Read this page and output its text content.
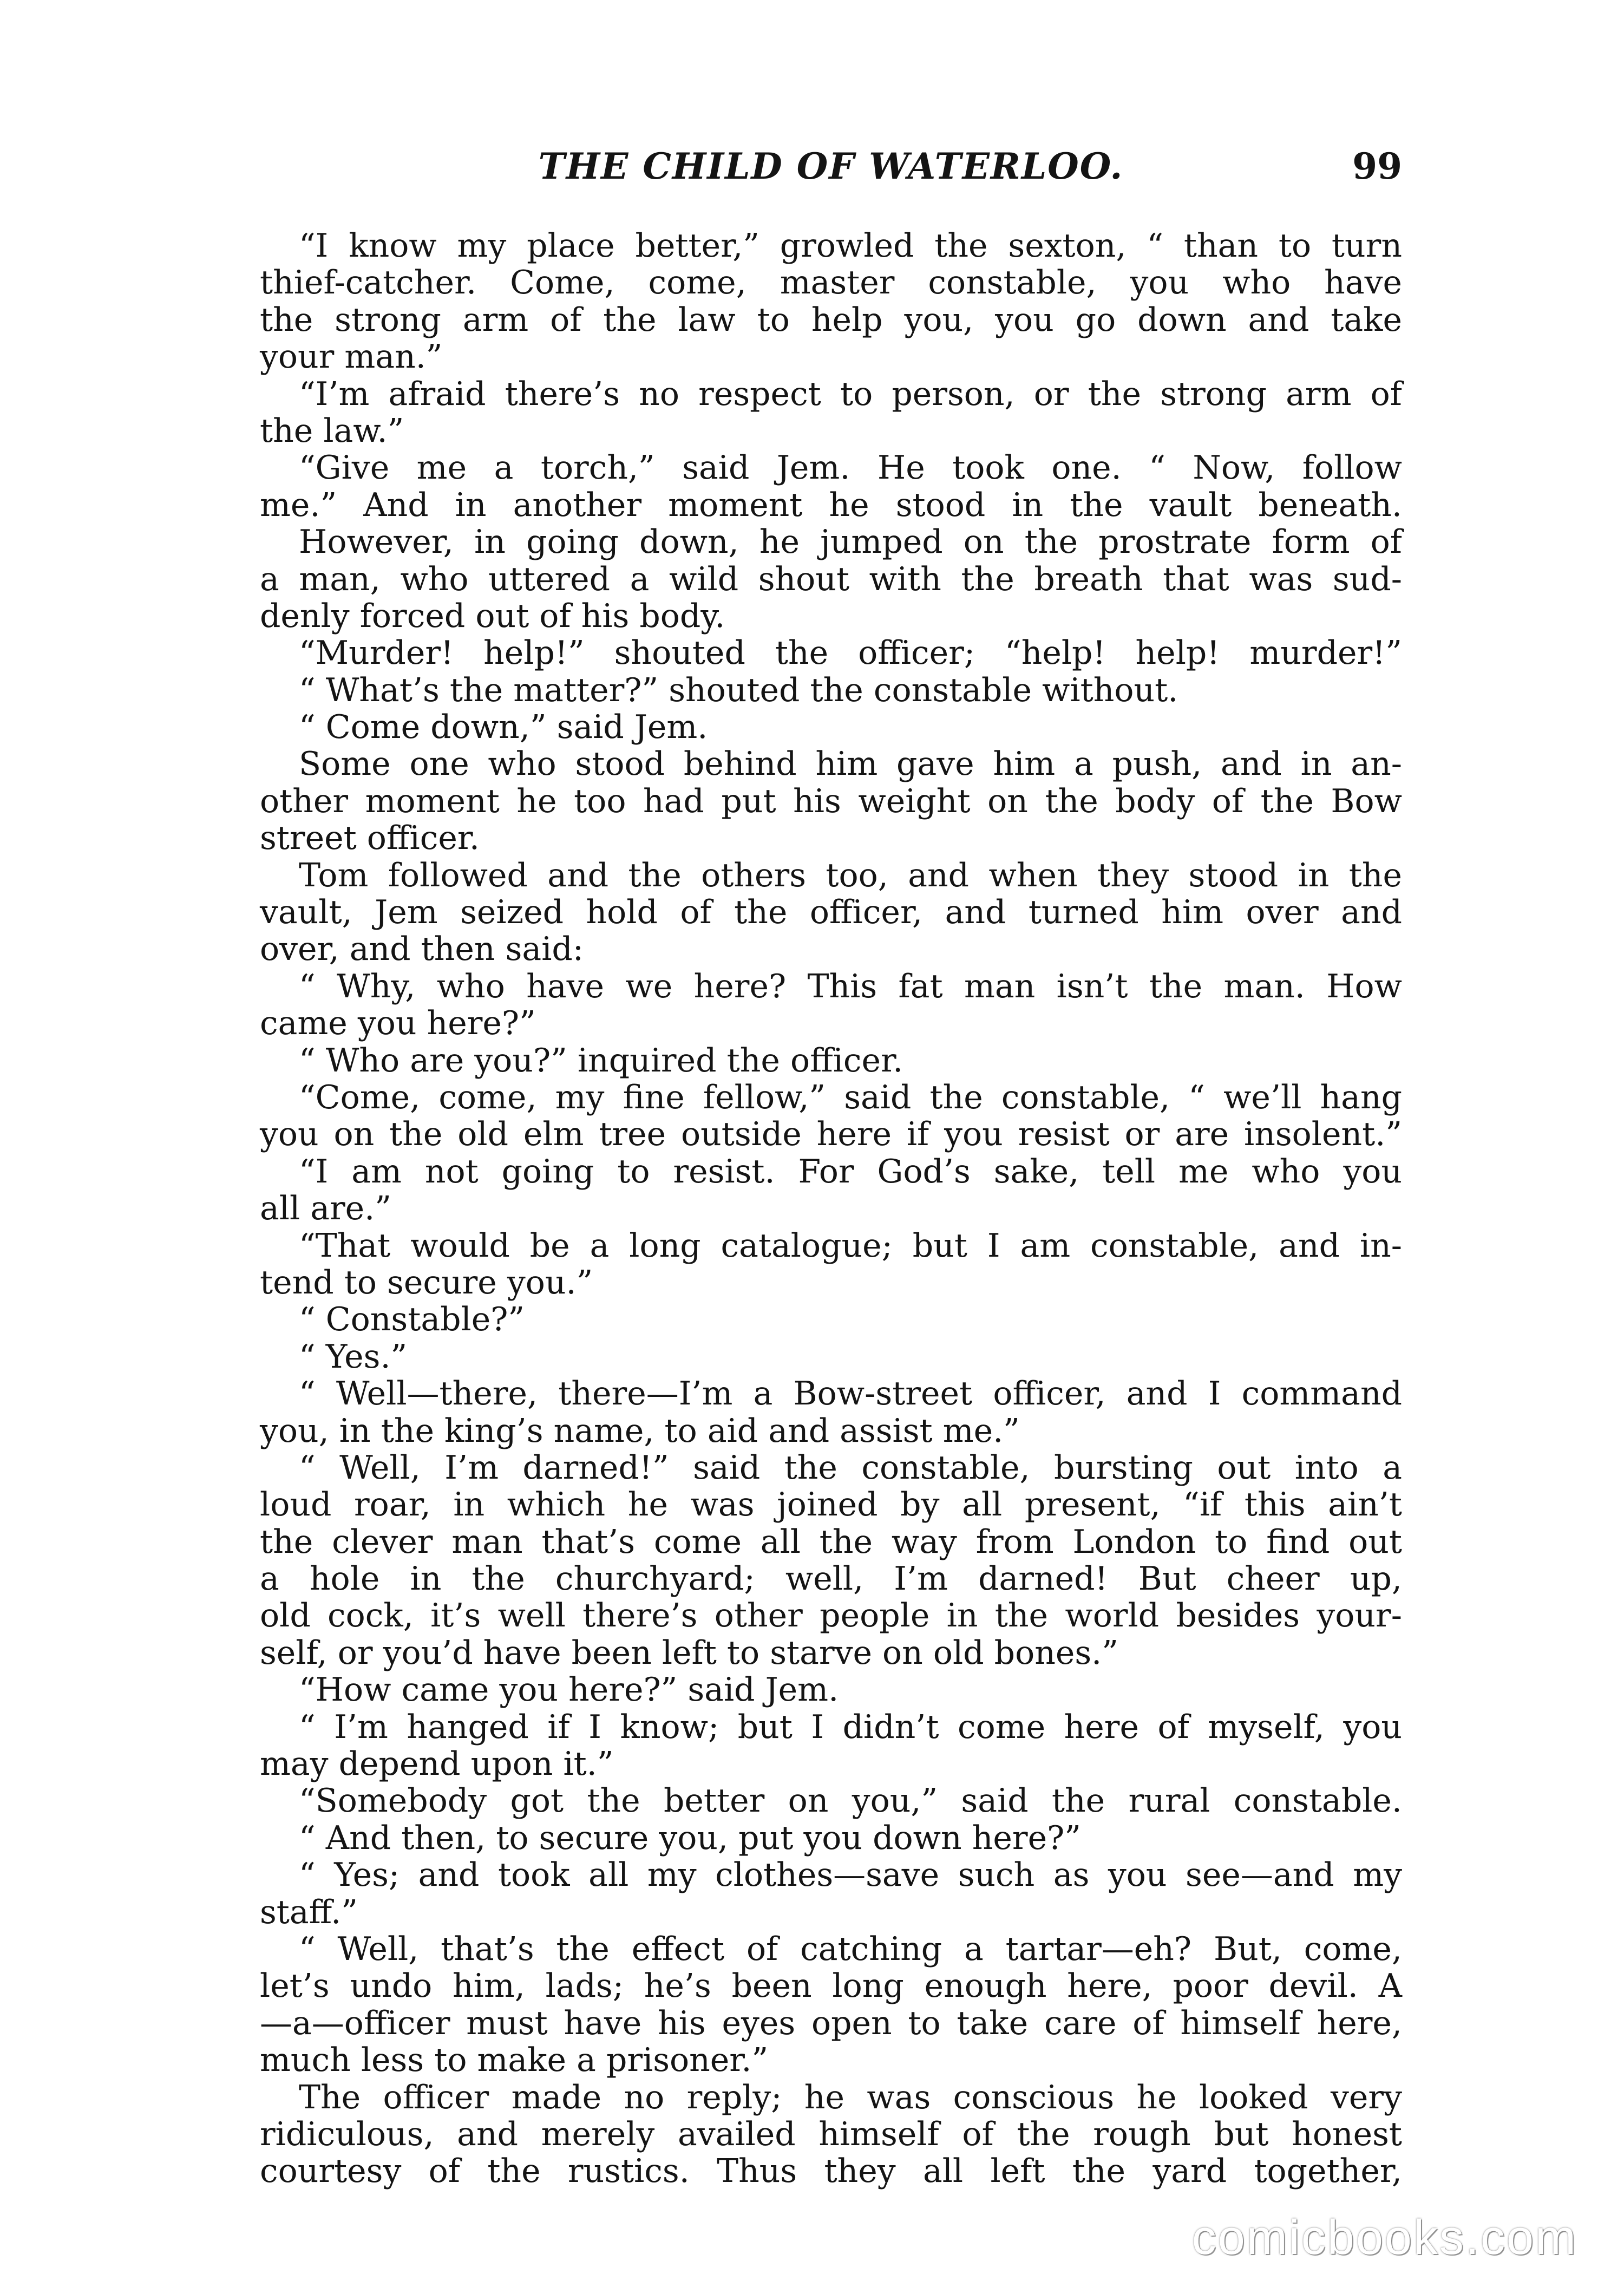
THE CHILD OF WATERLOO.	99
“I know my place better,” growled the sexton, “ than to turn
thief-catcher. Come, come, master constable, you who have
the strong arm of the law to help you, you go down and take
your man.”
“I’m afraid there’s no respect to person, or the strong arm of
the law.”
“Give me a torch,” said Jem. He took one. “ Now, follow
me.” And in another moment he stood in the vault beneath.
However, in going down, he jumped on the prostrate form of
a man, who uttered a wild shout with the breath that was sud-
denly forced out of his body.
“Murder! help!” shouted the officer; “help! help! murder!”
“ What’s the matter?” shouted the constable without.
“ Come down,” said Jem.
Some one who stood behind him gave him a push, and in an-
other moment he too had put his weight on the body of the Bow
street officer.
Tom followed and the others too, and when they stood in the
vault, Jem seized hold of the officer, and turned him over and
over, and then said:
“ Why, who have we here? This fat man isn’t the man. How
came you here?”
“ Who are you?” inquired the officer.
“Come, come, my fine fellow,” said the constable, “ we’ll hang
you on the old elm tree outside here if you resist or are insolent.”
“I am not going to resist. For God’s sake, tell me who you
all are.”
“That would be a long catalogue; but I am constable, and in-
tend to secure you.”
“ Constable?”
“ Yes.”
“ Well—there, there—I’m a Bow-street officer, and I command
you, in the king’s name, to aid and assist me.”
“ Well, I’m darned!” said the constable, bursting out into a
loud roar, in which he was joined by all present, “if this ain’t
the clever man that’s come all the way from London to find out
a hole in the churchyard; well, I’m darned! But cheer up,
old cock, it’s well there’s other people in the world besides your-
self, or you’d have been left to starve on old bones.”
“How came you here?” said Jem.
“ I’m hanged if I know; but I didn’t come here of myself, you
may depend upon it.”
“Somebody got the better on you,” said the rural constable.
“ And then, to secure you, put you down here?”
“ Yes; and took all my clothes—save such as you see—and my
staff.”
“ Well, that’s the effect of catching a tartar—eh? But, come,
let’s undo him, lads; he’s been long enough here, poor devil. A
—a—officer must have his eyes open to take care of himself here,
much less to make a prisoner.”
The officer made no reply; he was conscious he looked very
ridiculous, and merely availed himself of the rough but honest
courtesy of the rustics. Thus they all left the yard together,
comicbooks.com
